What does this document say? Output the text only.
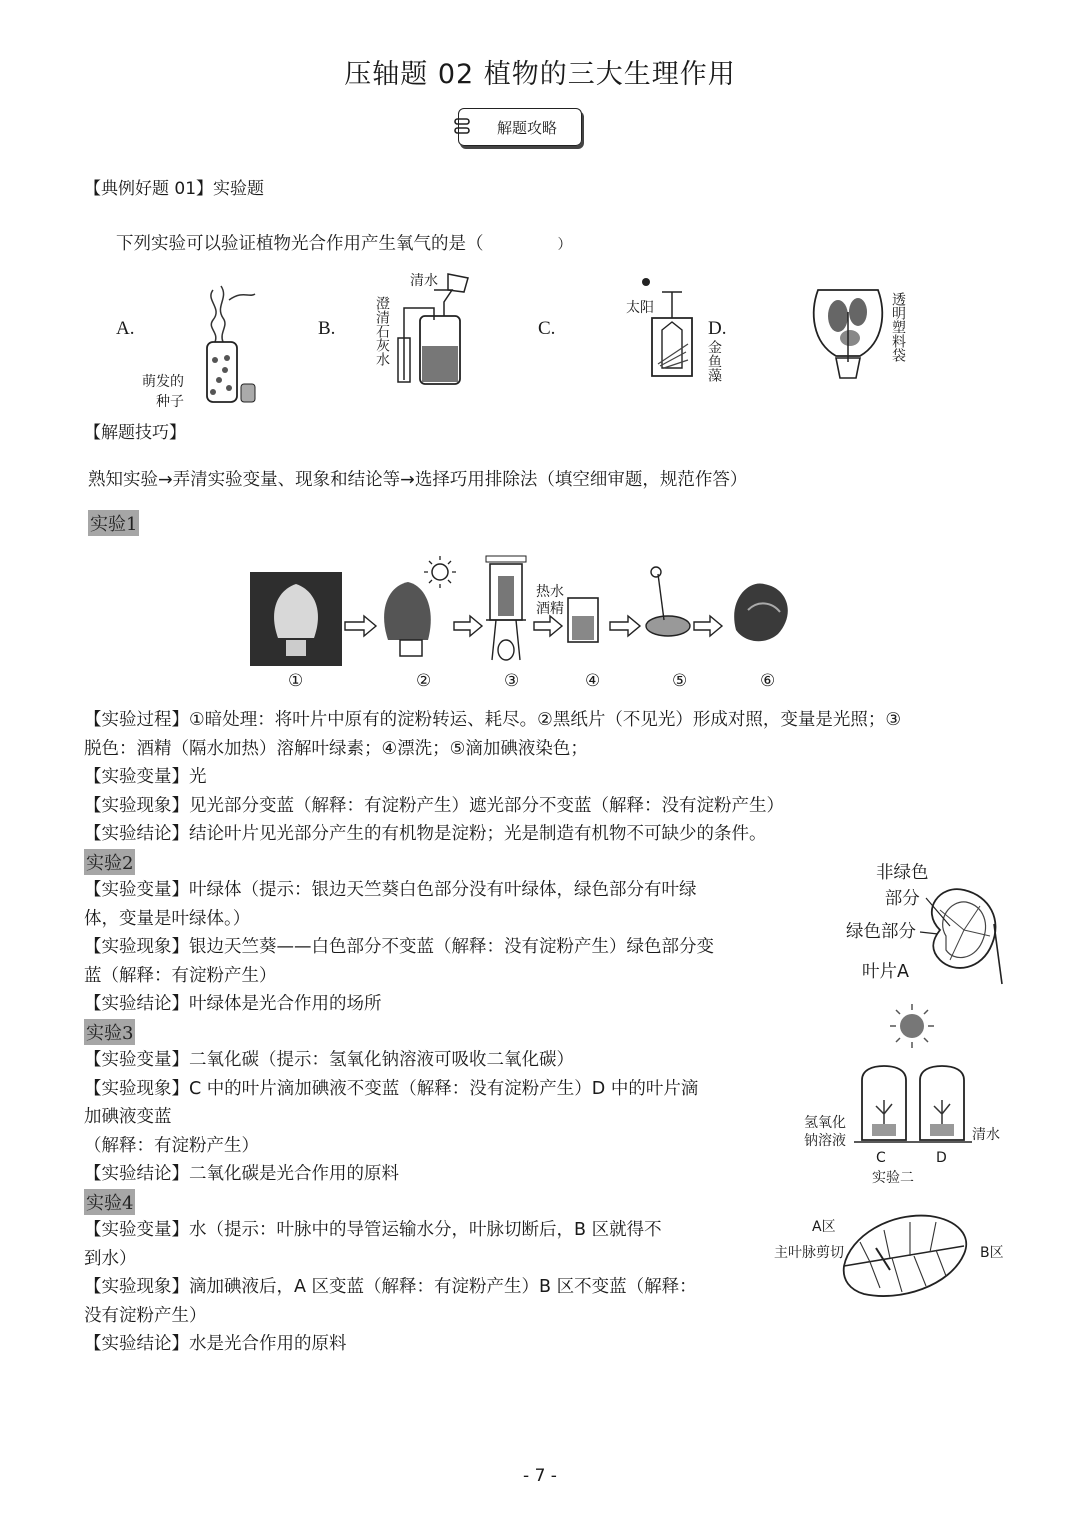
压轴题 02 植物的三大生理作用
解题攻略
【典例好题 01】实验题
下列实验可以验证植物光合作用产生氧气的是（	）
A.	B.	C.	D.
萌发的
种子
清水
澄清石灰水	太阳
金鱼藻	透明塑料袋
【解题技巧】
熟知实验→弄清实验变量、现象和结论等→选择巧用排除法（填空细审题，规范作答）
实验1
热水
酒精
①	②	③	④	⑤	⑥
【实验过程】①暗处理：将叶片中原有的淀粉转运、耗尽。②黑纸片（不见光）形成对照，变量是光照；③
脱色：酒精（隔水加热）溶解叶绿素；④漂洗；⑤滴加碘液染色；
【实验变量】光
【实验现象】见光部分变蓝（解释：有淀粉产生）遮光部分不变蓝（解释：没有淀粉产生）
【实验结论】结论叶片见光部分产生的有机物是淀粉；光是制造有机物不可缺少的条件。
实验2
【实验变量】叶绿体（提示：银边天竺葵白色部分没有叶绿体，绿色部分有叶绿
体，变量是叶绿体。）
【实验现象】银边天竺葵——白色部分不变蓝（解释：没有淀粉产生）绿色部分变
蓝（解释：有淀粉产生）
【实验结论】叶绿体是光合作用的场所
非绿色
部分
绿色部分
叶片A
实验3
【实验变量】二氧化碳（提示：氢氧化钠溶液可吸收二氧化碳）
【实验现象】C 中的叶片滴加碘液不变蓝（解释：没有淀粉产生）D 中的叶片滴
加碘液变蓝
（解释：有淀粉产生）
【实验结论】二氧化碳是光合作用的原料
氢氧化
钠溶液	清水
C	D
实验二
实验4
【实验变量】水（提示：叶脉中的导管运输水分，叶脉切断后，B 区就得不
到水）
【实验现象】滴加碘液后，A 区变蓝（解释：有淀粉产生）B 区不变蓝（解释：
没有淀粉产生）
【实验结论】水是光合作用的原料
A区
主叶脉剪切	B区
- 7 -
